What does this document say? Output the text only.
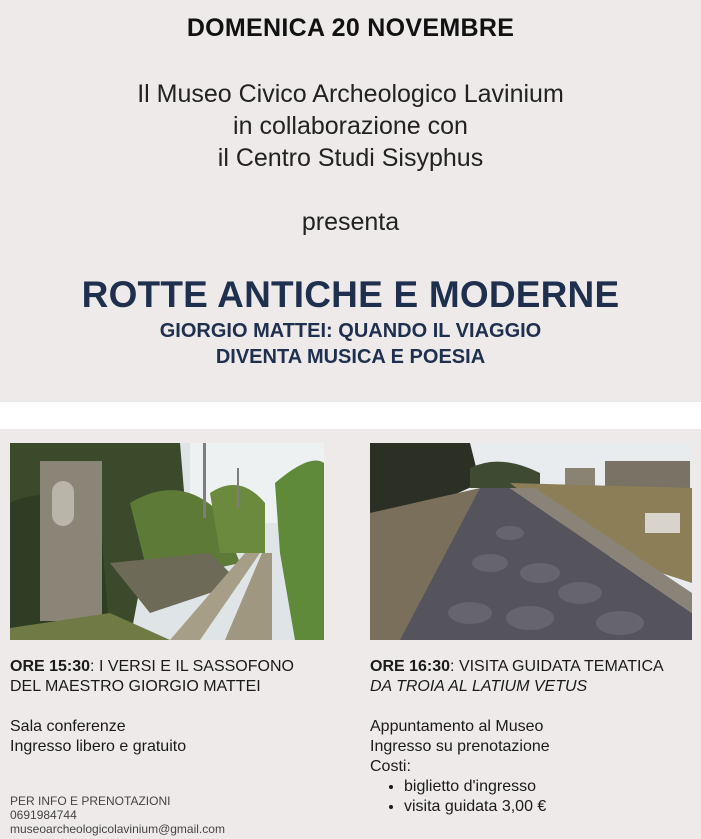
DOMENICA 20 NOVEMBRE
Il Museo Civico Archeologico Lavinium
in collaborazione con
il Centro Studi Sisyphus
presenta
ROTTE ANTICHE E MODERNE
GIORGIO MATTEI: QUANDO IL VIAGGIO
DIVENTA MUSICA E POESIA
ORE 15:30: I VERSI E IL SASSOFONO
DEL MAESTRO GIORGIO MATTEI
Sala conferenze
Ingresso libero e gratuito
ORE 16:30: VISITA GUIDATA TEMATICA
DA TROIA AL LATIUM VETUS
Appuntamento al Museo
Ingresso su prenotazione
Costi:
• biglietto d'ingresso
• visita guidata 3,00 €
PER INFO E PRENOTAZIONI
0691984744
museoarcheologicolavinium@gmail.com
